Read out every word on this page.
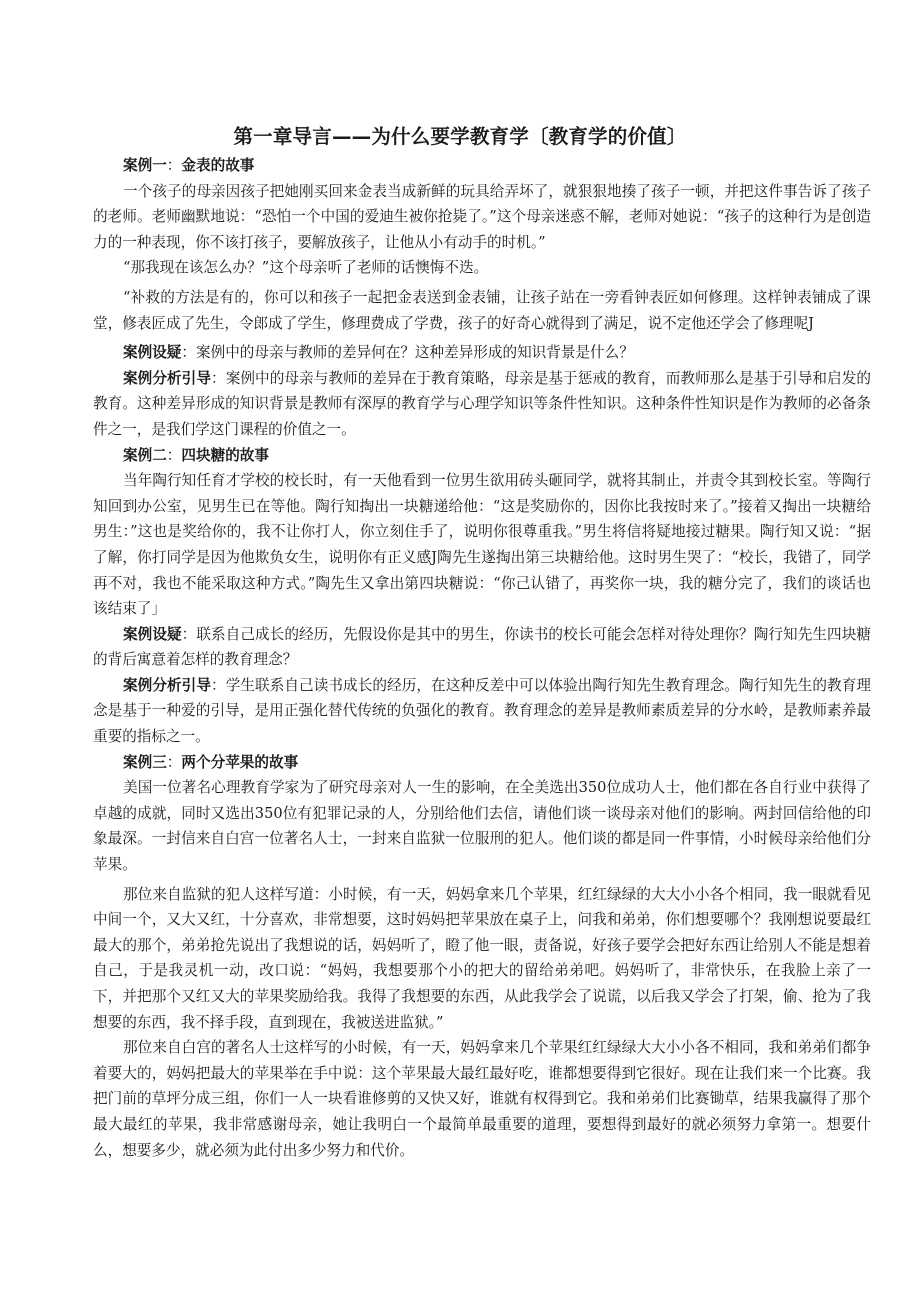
第一章导言——为什么要学教育学〔教育学的价值〕

案例一：金表的故事

一个孩子的母亲因孩子把她刚买回来金表当成新鲜的玩具给弄坏了，就狠狠地揍了孩子一顿，并把这件事告诉了孩子的老师。老师幽默地说：“恐怕一个中国的爱迪生被你抢毙了。”这个母亲迷惑不解，老师对她说：“孩子的这种行为是创造力的一种表现，你不该打孩子，要解放孩子，让他从小有动手的时机。”

“那我现在该怎么办？”这个母亲听了老师的话懊悔不迭。

“补救的方法是有的，你可以和孩子一起把金表送到金表铺，让孩子站在一旁看钟表匠如何修理。这样钟表铺成了课堂，修表匠成了先生，令郎成了学生，修理费成了学费，孩子的好奇心就得到了满足，说不定他还学会了修理呢J

案例设疑：案例中的母亲与教师的差异何在？这种差异形成的知识背景是什么？

案例分析引导：案例中的母亲与教师的差异在于教育策略，母亲是基于惩戒的教育，而教师那么是基于引导和启发的教育。这种差异形成的知识背景是教师有深厚的教育学与心理学知识等条件性知识。这种条件性知识是作为教师的必备条件之一，是我们学这门课程的价值之一。

案例二：四块糖的故事

当年陶行知任育才学校的校长时，有一天他看到一位男生欲用砖头砸同学，就将其制止，并责令其到校长室。等陶行知回到办公室，见男生已在等他。陶行知掏出一块糖递给他：“这是奖励你的，因你比我按时来了。”接着又掏出一块糖给男生：”这也是奖给你的，我不让你打人，你立刻住手了，说明你很尊重我。”男生将信将疑地接过糖果。陶行知又说：“据了解，你打同学是因为他欺负女生，说明你有正义感J陶先生遂掏出第三块糖给他。这时男生哭了：“校长，我错了，同学再不对，我也不能采取这种方式。”陶先生又拿出第四块糖说：“你己认错了，再奖你一块，我的糖分完了，我们的谈话也该结束了」

案例设疑：联系自己成长的经历，先假设你是其中的男生，你读书的校长可能会怎样对待处理你？陶行知先生四块糖的背后寓意着怎样的教育理念？

案例分析引导：学生联系自己读书成长的经历，在这种反差中可以体验出陶行知先生教育理念。陶行知先生的教育理念是基于一种爱的引导，是用正强化替代传统的负强化的教育。教育理念的差异是教师素质差异的分水岭，是教师素养最重要的指标之一。

案例三：两个分苹果的故事

美国一位著名心理教育学家为了研究母亲对人一生的影响，在全美选出350位成功人士，他们都在各自行业中获得了卓越的成就，同时又选出350位有犯罪记录的人，分别给他们去信，请他们谈一谈母亲对他们的影响。两封回信给他的印象最深。一封信来自白宫一位著名人士，一封来自监狱一位服刑的犯人。他们谈的都是同一件事情，小时候母亲给他们分苹果。

那位来自监狱的犯人这样写道：小时候，有一天，妈妈拿来几个苹果，红红绿绿的大大小小各个相同，我一眼就看见中间一个，又大又红，十分喜欢，非常想要，这时妈妈把苹果放在桌子上，问我和弟弟，你们想要哪个？我刚想说要最红最大的那个，弟弟抢先说出了我想说的话，妈妈听了，瞪了他一眼，责备说，好孩子要学会把好东西让给别人不能是想着自己，于是我灵机一动，改口说：“妈妈，我想要那个小的把大的留给弟弟吧。妈妈听了，非常快乐，在我脸上亲了一下，并把那个又红又大的苹果奖励给我。我得了我想要的东西，从此我学会了说谎，以后我又学会了打架，偷、抢为了我想要的东西，我不择手段，直到现在，我被送进监狱。”

那位来自白宫的著名人士这样写的小时候，有一天，妈妈拿来几个苹果红红绿绿大大小小各不相同，我和弟弟们都争着要大的，妈妈把最大的苹果举在手中说：这个苹果最大最红最好吃，谁都想要得到它很好。现在让我们来一个比赛。我把门前的草坪分成三组，你们一人一块看谁修剪的又快又好，谁就有权得到它。我和弟弟们比赛锄草，结果我赢得了那个最大最红的苹果，我非常感谢母亲，她让我明白一个最简单最重要的道理，要想得到最好的就必须努力拿第一。想要什么，想要多少，就必须为此付出多少努力和代价。
